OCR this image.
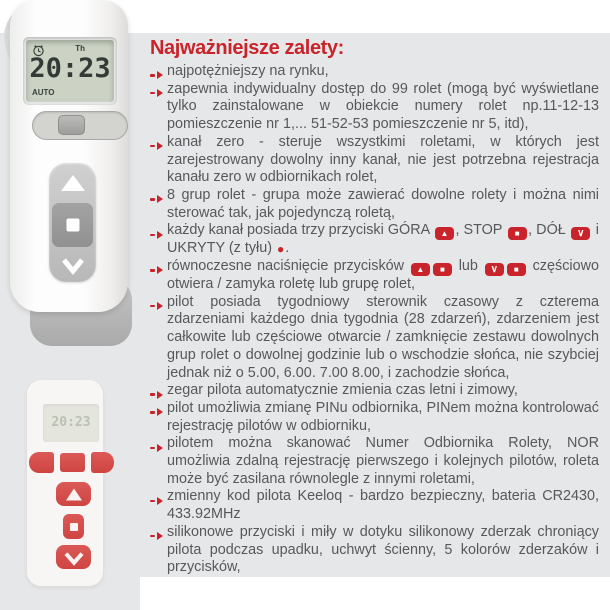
Th
20:23
AUTO
20:23
Najważniejsze zalety:
najpotężniejszy na rynku,
zapewnia indywidualny dostęp do 99 rolet (mogą być wyświetlane tylko zainstalowane w obiekcie numery rolet np.11-12-13 pomieszczenie nr 1,... 51-52-53 pomieszczenie nr 5, itd),
kanał zero - steruje wszystkimi roletami, w których jest zarejestrowany dowolny inny kanał, nie jest potrzebna rejestracja kanału zero w odbiornikach rolet,
8 grup rolet - grupa może zawierać dowolne rolety i można nimi sterować tak, jak pojedynczą roletą,
każdy kanał posiada trzy przyciski GÓRA ▲ , STOP ■ , DÓŁ ∨ i UKRYTY (z tyłu) ●.
równoczesne naciśnięcie przycisków ▲ ■ lub ∨ ■ częściowo otwiera / zamyka roletę lub grupę rolet,
pilot posiada tygodniowy sterownik czasowy z czterema zdarzeniami każdego dnia tygodnia (28 zdarzeń), zdarzeniem jest całkowite lub częściowe otwarcie / zamknięcie zestawu dowolnych grup rolet o dowolnej godzinie lub o wschodzie słońca, nie szybciej jednak niż o 5.00, 6.00. 7.00 8.00, i zachodzie słońca,
zegar pilota automatycznie zmienia czas letni i zimowy,
pilot umożliwia zmianę PINu odbiornika, PINem można kontrolować rejestrację pilotów w odbiorniku,
pilotem można skanować Numer Odbiornika Rolety, NOR umożliwia zdalną rejestrację pierwszego i kolejnych pilotów, roleta może być zasilana równolegle z innymi roletami,
zmienny kod pilota Keeloq - bardzo bezpieczny, bateria CR2430, 433.92MHz
silikonowe przyciski i miły w dotyku silikonowy zderzak chroniący pilota podczas upadku, uchwyt ścienny, 5 kolorów zderzaków i przycisków,
